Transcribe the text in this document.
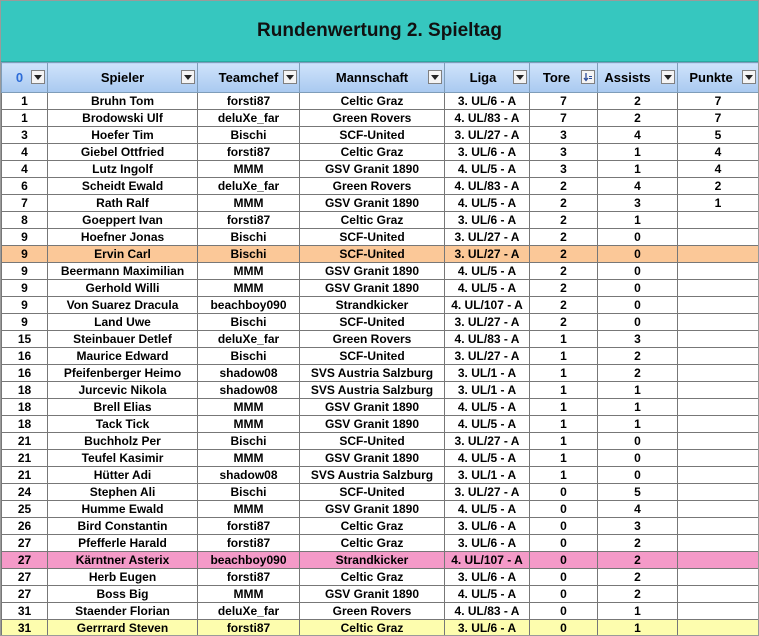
Rundenwertung 2. Spieltag
0	Spieler	Teamchef	Mannschaft	Liga	Tore	Assists	Punkte

1	Bruhn Tom	forsti87	Celtic Graz	3. UL/6 - A	7	2	7
1	Brodowski Ulf	deluXe_far	Green Rovers	4. UL/83 - A	7	2	7
3	Hoefer Tim	Bischi	SCF-United	3. UL/27 - A	3	4	5
4	Giebel Ottfried	forsti87	Celtic Graz	3. UL/6 - A	3	1	4
4	Lutz Ingolf	MMM	GSV Granit 1890	4. UL/5 - A	3	1	4
6	Scheidt Ewald	deluXe_far	Green Rovers	4. UL/83 - A	2	4	2
7	Rath Ralf	MMM	GSV Granit 1890	4. UL/5 - A	2	3	1
8	Goeppert Ivan	forsti87	Celtic Graz	3. UL/6 - A	2	1	
9	Hoefner Jonas	Bischi	SCF-United	3. UL/27 - A	2	0	
9	Ervin Carl	Bischi	SCF-United	3. UL/27 - A	2	0	
9	Beermann Maximilian	MMM	GSV Granit 1890	4. UL/5 - A	2	0	
9	Gerhold Willi	MMM	GSV Granit 1890	4. UL/5 - A	2	0	
9	Von Suarez Dracula	beachboy090	Strandkicker	4. UL/107 - A	2	0	
9	Land Uwe	Bischi	SCF-United	3. UL/27 - A	2	0	
15	Steinbauer Detlef	deluXe_far	Green Rovers	4. UL/83 - A	1	3	
16	Maurice Edward	Bischi	SCF-United	3. UL/27 - A	1	2	
16	Pfeifenberger Heimo	shadow08	SVS Austria Salzburg	3. UL/1 - A	1	2	
18	Jurcevic Nikola	shadow08	SVS Austria Salzburg	3. UL/1 - A	1	1	
18	Brell Elias	MMM	GSV Granit 1890	4. UL/5 - A	1	1	
18	Tack Tick	MMM	GSV Granit 1890	4. UL/5 - A	1	1	
21	Buchholz Per	Bischi	SCF-United	3. UL/27 - A	1	0	
21	Teufel Kasimir	MMM	GSV Granit 1890	4. UL/5 - A	1	0	
21	Hütter Adi	shadow08	SVS Austria Salzburg	3. UL/1 - A	1	0	
24	Stephen Ali	Bischi	SCF-United	3. UL/27 - A	0	5	
25	Humme Ewald	MMM	GSV Granit 1890	4. UL/5 - A	0	4	
26	Bird Constantin	forsti87	Celtic Graz	3. UL/6 - A	0	3	
27	Pfefferle Harald	forsti87	Celtic Graz	3. UL/6 - A	0	2	
27	Kärntner Asterix	beachboy090	Strandkicker	4. UL/107 - A	0	2	
27	Herb Eugen	forsti87	Celtic Graz	3. UL/6 - A	0	2	
27	Boss Big	MMM	GSV Granit 1890	4. UL/5 - A	0	2	
31	Staender Florian	deluXe_far	Green Rovers	4. UL/83 - A	0	1	
31	Gerrrard Steven	forsti87	Celtic Graz	3. UL/6 - A	0	1	
